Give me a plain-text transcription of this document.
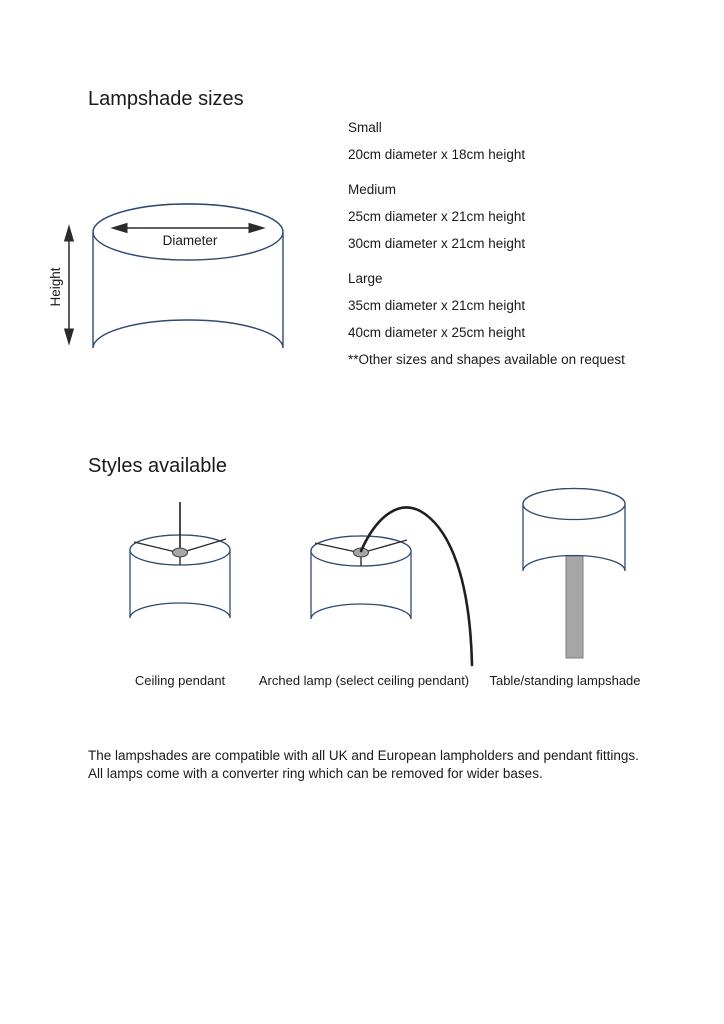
Diameter
Height
Lampshade sizes
Small
20cm diameter x 18cm height
Medium
25cm diameter x 21cm height
30cm diameter x 21cm height
Large
35cm diameter x 21cm height
40cm diameter x 25cm height
**Other sizes and shapes available on request
Styles available
Ceiling pendant	Arched lamp (select ceiling pendant) Table/standing lampshade
The lampshades are compatible with all UK and European lampholders and pendant fittings.
All lamps come with a converter ring which can be removed for wider bases.
